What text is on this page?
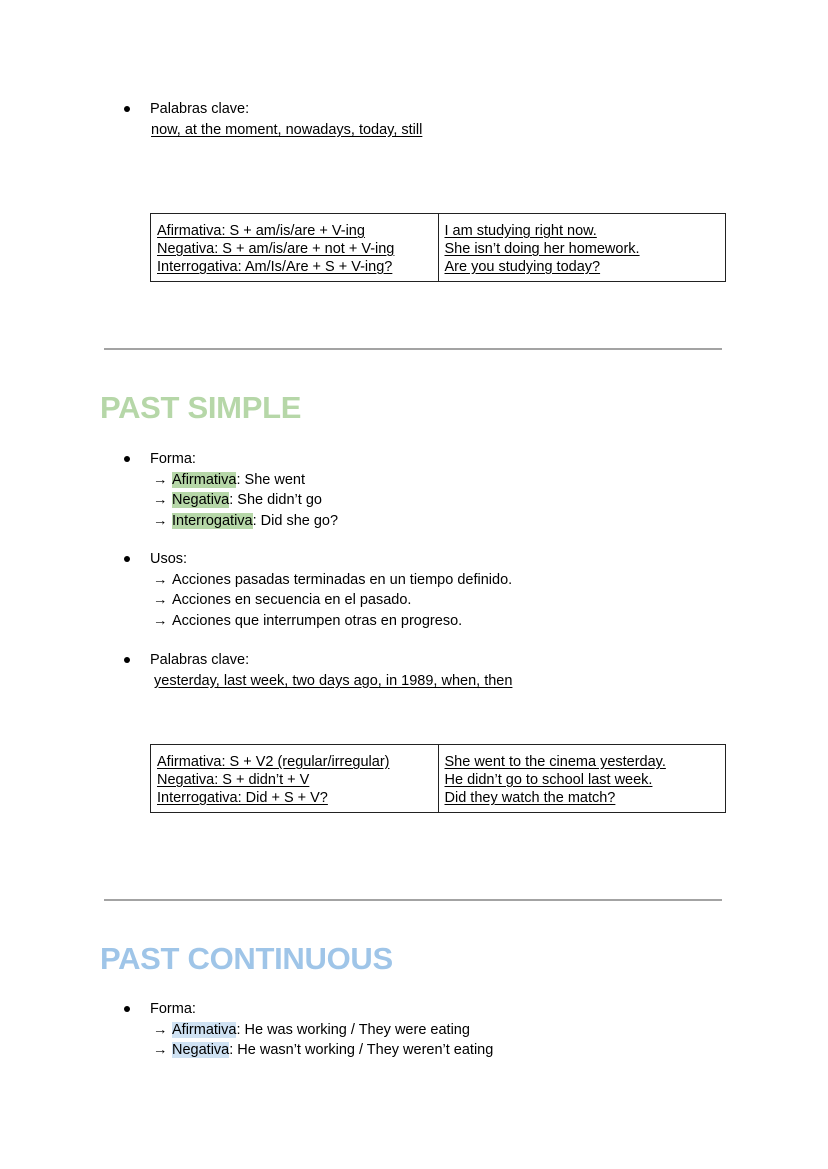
Palabras clave:
now, at the moment, nowadays, today, still
Afirmativa: S + am/is/are + V-ing
Negativa: S + am/is/are + not + V-ing
Interrogativa: Am/Is/Are + S + V-ing?

I am studying right now.
She isn’t doing her homework.
Are you studying today?
PAST SIMPLE
Forma:
→ Afirmativa: She went
→ Negativa: She didn’t go
→ Interrogativa: Did she go?
Usos:
→ Acciones pasadas terminadas en un tiempo definido.
→ Acciones en secuencia en el pasado.
→ Acciones que interrumpen otras en progreso.
Palabras clave:
yesterday, last week, two days ago, in 1989, when, then
Afirmativa: S + V2 (regular/irregular)
Negativa: S + didn’t + V
Interrogativa: Did + S + V?

She went to the cinema yesterday.
He didn’t go to school last week.
Did they watch the match?
PAST CONTINUOUS
Forma:
→ Afirmativa: He was working / They were eating
→ Negativa: He wasn’t working / They weren’t eating
